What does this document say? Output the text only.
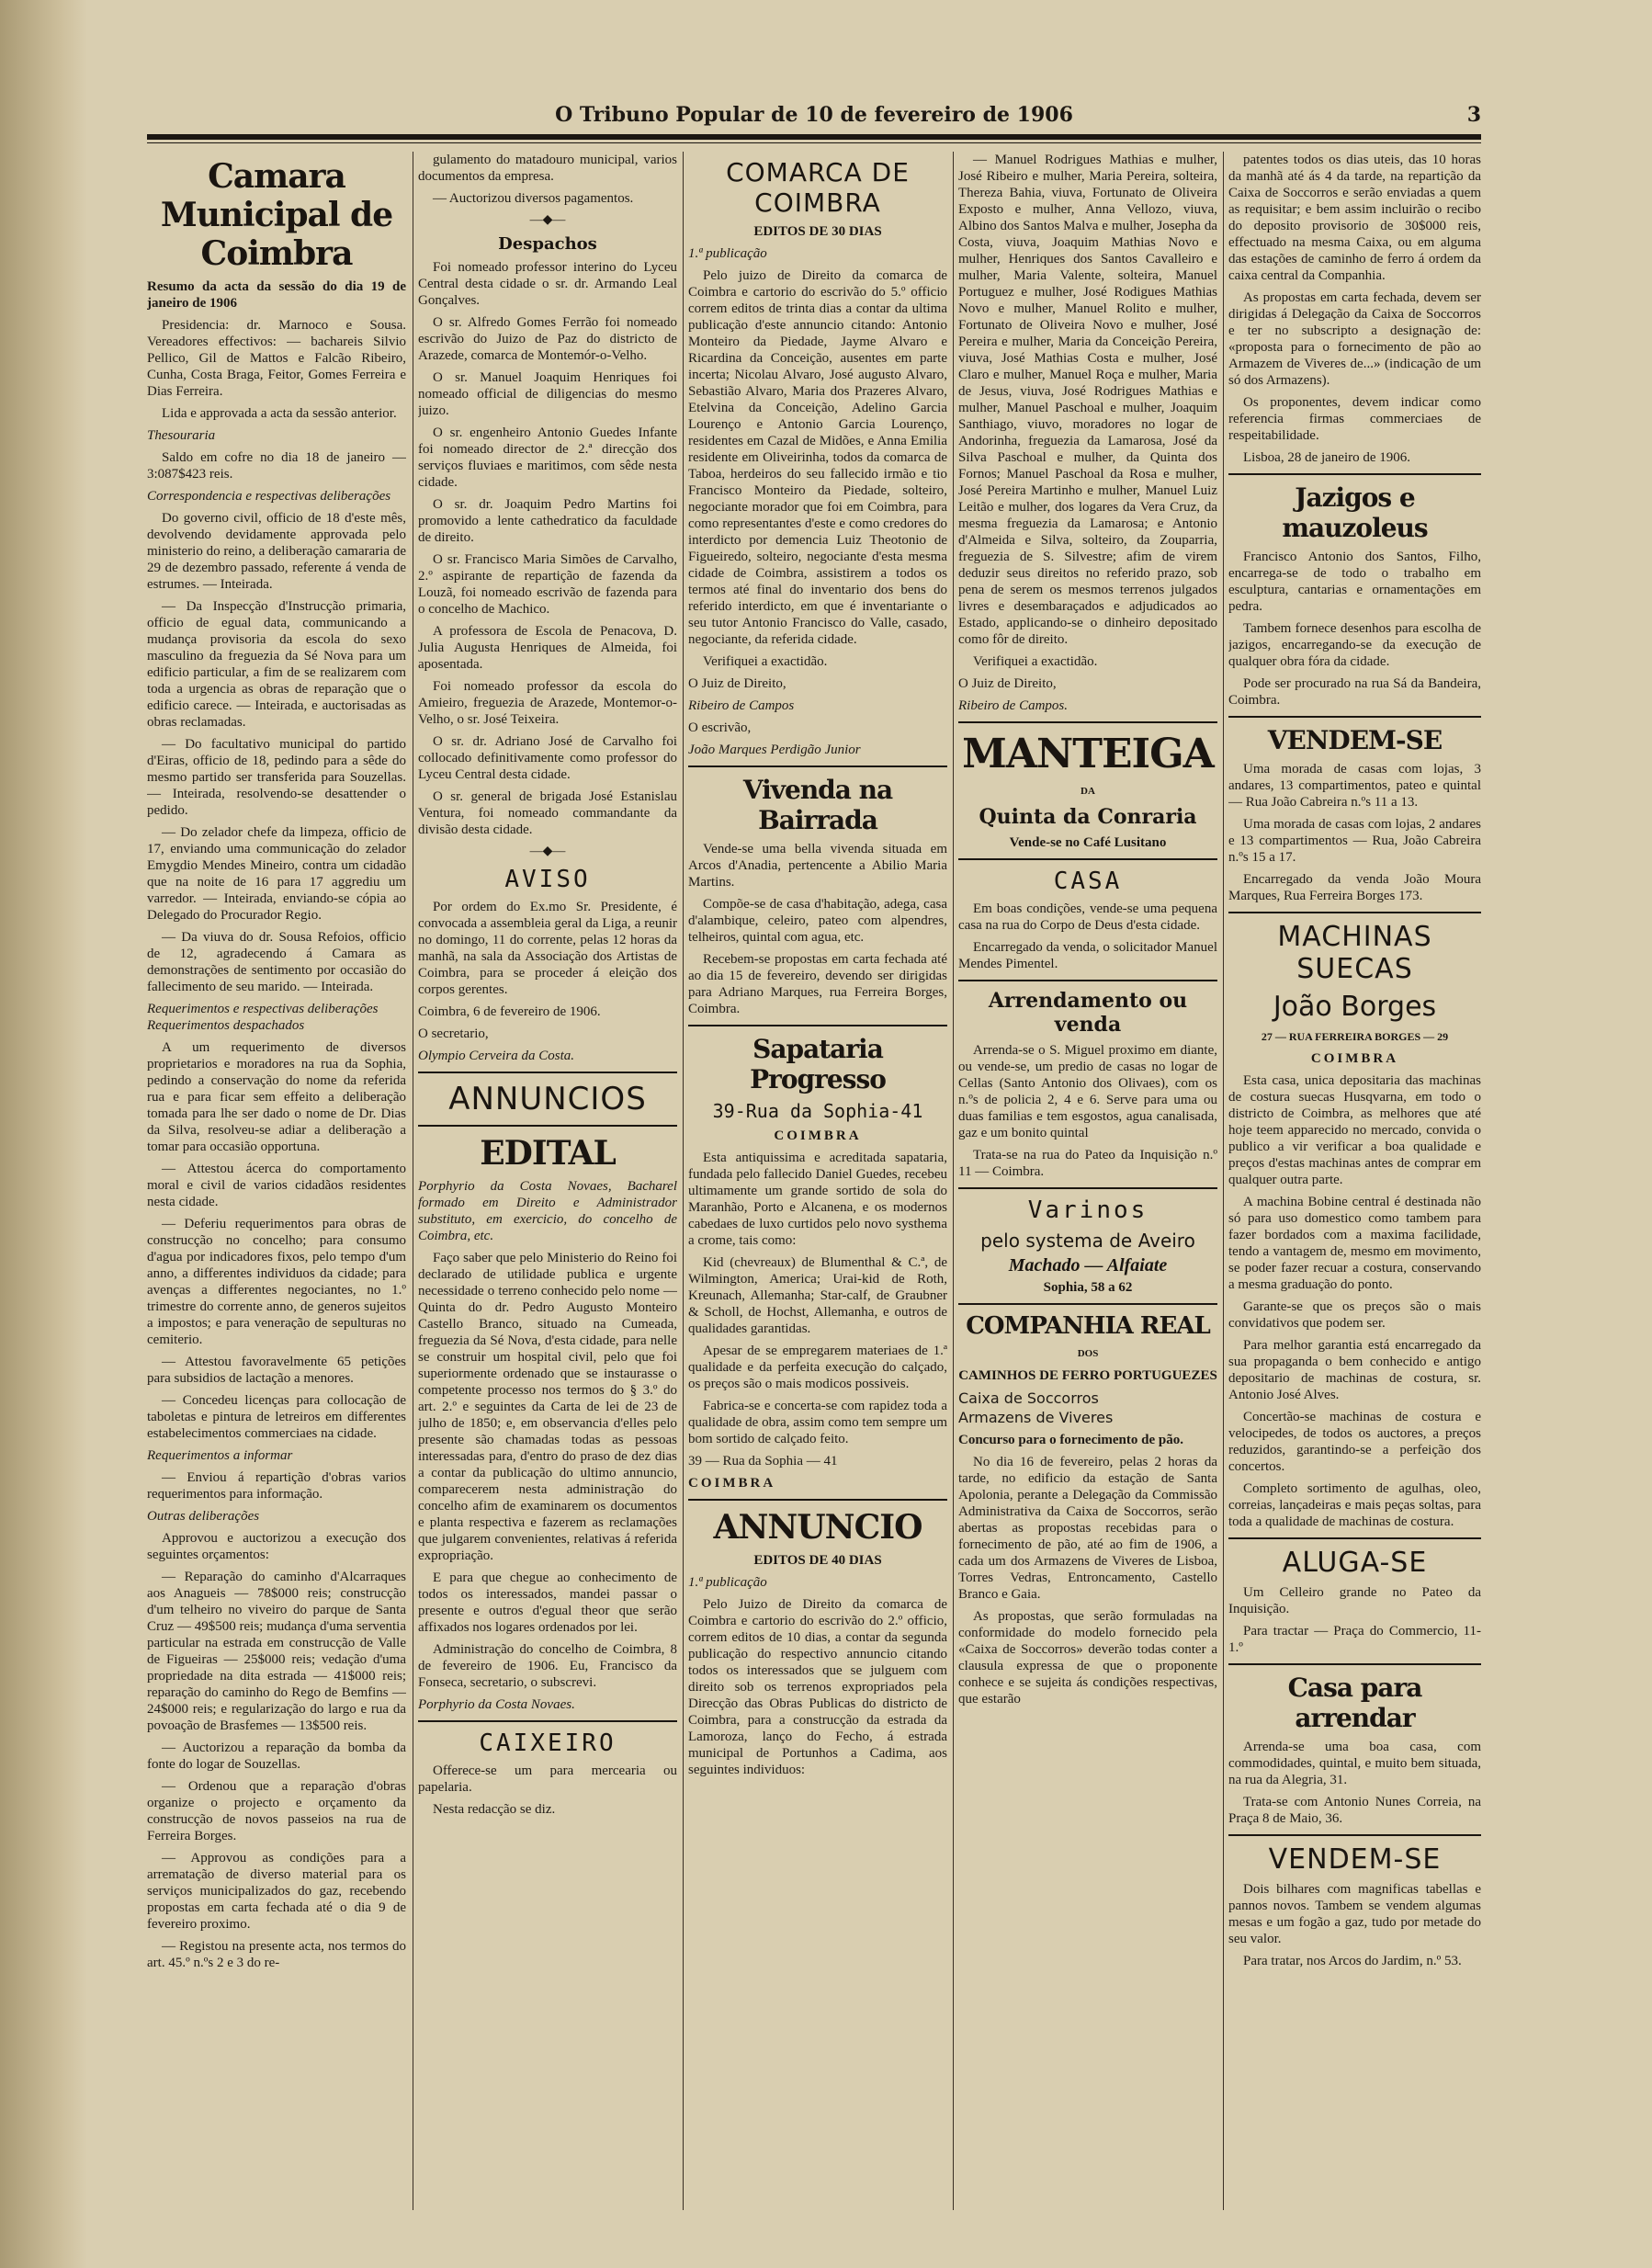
O Tribuno Popular de 10 de fevereiro de 1906	3
Camara Municipal de Coimbra

Resumo da acta da sessão do dia 19 de janeiro de 1906

Presidencia: dr. Marnoco e Sousa. Vereadores effectivos: — bachareis Silvio Pellico, Gil de Mattos e Falcão Ribeiro, Cunha, Costa Braga, Feitor, Gomes Ferreira e Dias Ferreira.

Lida e approvada a acta da sessão anterior.

Thesouraria

Saldo em cofre no dia 18 de janeiro — 3:087$423 reis.

Correspondencia e respectivas deliberações

Do governo civil, officio de 18 d'este mês, devolvendo devidamente approvada pelo ministerio do reino, a deliberação camararia de 29 de dezembro passado, referente á venda de estrumes. — Inteirada.

— Da Inspecção d'Instrucção primaria, officio de egual data, communicando a mudança provisoria da escola do sexo masculino da freguezia da Sé Nova para um edificio particular, a fim de se realizarem com toda a urgencia as obras de reparação que o edificio carece. — Inteirada, e auctorisadas as obras reclamadas.

— Do facultativo municipal do partido d'Eiras, officio de 18, pedindo para a sêde do mesmo partido ser transferida para Souzellas. — Inteirada, resolvendo-se desattender o pedido.

— Do zelador chefe da limpeza, officio de 17, enviando uma communicação do zelador Emygdio Mendes Mineiro, contra um cidadão que na noite de 16 para 17 aggrediu um varredor. — Inteirada, enviando-se cópia ao Delegado do Procurador Regio.

— Da viuva do dr. Sousa Refoios, officio de 12, agradecendo á Camara as demonstrações de sentimento por occasião do fallecimento de seu marido. — Inteirada.

Requerimentos e respectivas deliberações

Requerimentos despachados

A um requerimento de diversos proprietarios e moradores na rua da Sophia, pedindo a conservação do nome da referida rua e para ficar sem effeito a deliberação tomada para lhe ser dado o nome de Dr. Dias da Silva, resolveu-se adiar a deliberação a tomar para occasião opportuna.

— Attestou ácerca do comportamento moral e civil de varios cidadãos residentes nesta cidade.

— Deferiu requerimentos para obras de construcção no concelho; para consumo d'agua por indicadores fixos, pelo tempo d'um anno, a differentes individuos da cidade; para avenças a differentes negociantes, no 1.º trimestre do corrente anno, de generos sujeitos a impostos; e para veneração de sepulturas no cemiterio.

— Attestou favoravelmente 65 petições para subsidios de lactação a menores.

— Concedeu licenças para collocação de taboletas e pintura de letreiros em differentes estabelecimentos commerciaes na cidade.

Requerimentos a informar

— Enviou á repartição d'obras varios requerimentos para informação.

Outras deliberações

Approvou e auctorizou a execução dos seguintes orçamentos:

— Reparação do caminho d'Alcarraques aos Anagueis — 78$000 reis; construcção d'um telheiro no viveiro do parque de Santa Cruz — 49$500 reis; mudança d'uma serventia particular na estrada em construcção de Valle de Figueiras — 25$000 reis; vedação d'uma propriedade na dita estrada — 41$000 reis; reparação do caminho do Rego de Bemfins — 24$000 reis; e regularização do largo e rua da povoação de Brasfemes — 13$500 reis.

— Auctorizou a reparação da bomba da fonte do logar de Souzellas.

— Ordenou que a reparação d'obras organize o projecto e orçamento da construcção de novos passeios na rua de Ferreira Borges.

— Approvou as condições para a arrematação de diverso material para os serviços municipalizados do gaz, recebendo propostas em carta fechada até o dia 9 de fevereiro proximo.

— Registou na presente acta, nos termos do art. 45.º n.ºs 2 e 3 do re-

gulamento do matadouro municipal, varios documentos da empresa.

— Auctorizou diversos pagamentos.

—◆—
Despachos

Foi nomeado professor interino do Lyceu Central desta cidade o sr. dr. Armando Leal Gonçalves.

O sr. Alfredo Gomes Ferrão foi nomeado escrivão do Juizo de Paz do districto de Arazede, comarca de Montemór-o-Velho.

O sr. Manuel Joaquim Henriques foi nomeado official de diligencias do mesmo juizo.

O sr. engenheiro Antonio Guedes Infante foi nomeado director de 2.ª direcção dos serviços fluviaes e maritimos, com sêde nesta cidade.

O sr. dr. Joaquim Pedro Martins foi promovido a lente cathedratico da faculdade de direito.

O sr. Francisco Maria Simões de Carvalho, 2.º aspirante de repartição de fazenda da Louzã, foi nomeado escrivão de fazenda para o concelho de Machico.

A professora de Escola de Penacova, D. Julia Augusta Henriques de Almeida, foi aposentada.

Foi nomeado professor da escola do Amieiro, freguezia de Arazede, Montemor-o-Velho, o sr. José Teixeira.

O sr. dr. Adriano José de Carvalho foi collocado definitivamente como professor do Lyceu Central desta cidade.

O sr. general de brigada José Estanislau Ventura, foi nomeado commandante da divisão desta cidade.

—◆—
AVISO

Por ordem do Ex.mo Sr. Presidente, é convocada a assembleia geral da Liga, a reunir no domingo, 11 do corrente, pelas 12 horas da manhã, na sala da Associação dos Artistas de Coimbra, para se proceder á eleição dos corpos gerentes.

Coimbra, 6 de fevereiro de 1906.

O secretario,

Olympio Cerveira da Costa.

ANNUNCIOS
EDITAL

Porphyrio da Costa Novaes, Bacharel formado em Direito e Administrador substituto, em exercicio, do concelho de Coimbra, etc.

Faço saber que pelo Ministerio do Reino foi declarado de utilidade publica e urgente necessidade o terreno conhecido pelo nome — Quinta do dr. Pedro Augusto Monteiro Castello Branco, situado na Cumeada, freguezia da Sé Nova, d'esta cidade, para nelle se construir um hospital civil, pelo que foi superiormente ordenado que se instaurasse o competente processo nos termos do § 3.º do art. 2.º e seguintes da Carta de lei de 23 de julho de 1850; e, em observancia d'elles pelo presente são chamadas todas as pessoas interessadas para, d'entro do praso de dez dias a contar da publicação do ultimo annuncio, comparecerem nesta administração do concelho afim de examinarem os documentos e planta respectiva e fazerem as reclamações que julgarem convenientes, relativas á referida expropriação.

E para que chegue ao conhecimento de todos os interessados, mandei passar o presente e outros d'egual theor que serão affixados nos logares ordenados por lei.

Administração do concelho de Coimbra, 8 de fevereiro de 1906. Eu, Francisco da Fonseca, secretario, o subscrevi.

Porphyrio da Costa Novaes.

CAIXEIRO

Offerece-se um para mercearia ou papelaria.

Nesta redacção se diz.

COMARCA DE COIMBRA
EDITOS DE 30 DIAS

1.ª publicação

Pelo juizo de Direito da comarca de Coimbra e cartorio do escrivão do 5.º officio correm editos de trinta dias a contar da ultima publicação d'este annuncio citando: Antonio Monteiro da Piedade, Jayme Alvaro e Ricardina da Conceição, ausentes em parte incerta; Nicolau Alvaro, José augusto Alvaro, Sebastião Alvaro, Maria dos Prazeres Alvaro, Etelvina da Conceição, Adelino Garcia Lourenço e Antonio Garcia Lourenço, residentes em Cazal de Midões, e Anna Emilia residente em Oliveirinha, todos da comarca de Taboa, herdeiros do seu fallecido irmão e tio Francisco Monteiro da Piedade, solteiro, negociante morador que foi em Coimbra, para como representantes d'este e como credores do interdicto por demencia Luiz Theotonio de Figueiredo, solteiro, negociante d'esta mesma cidade de Coimbra, assistirem a todos os termos até final do inventario dos bens do referido interdicto, em que é inventariante o seu tutor Antonio Francisco do Valle, casado, negociante, da referida cidade.

Verifiquei a exactidão.

O Juiz de Direito,

Ribeiro de Campos

O escrivão,

João Marques Perdigão Junior

Vivenda na Bairrada

Vende-se uma bella vivenda situada em Arcos d'Anadia, pertencente a Abilio Maria Martins.

Compõe-se de casa d'habitação, adega, casa d'alambique, celeiro, pateo com alpendres, telheiros, quintal com agua, etc.

Recebem-se propostas em carta fechada até ao dia 15 de fevereiro, devendo ser dirigidas para Adriano Marques, rua Ferreira Borges, Coimbra.

Sapataria Progresso
39-Rua da Sophia-41
COIMBRA

Esta antiquissima e acreditada sapataria, fundada pelo fallecido Daniel Guedes, recebeu ultimamente um grande sortido de sola do Maranhão, Porto e Alcanena, e os modernos cabedaes de luxo curtidos pelo novo systhema a crome, tais como:

Kid (chevreaux) de Blumenthal & C.ª, de Wilmington, America; Urai-kid de Roth, Kreunach, Allemanha; Star-calf, de Graubner & Scholl, de Hochst, Allemanha, e outros de qualidades garantidas.

Apesar de se empregarem materiaes de 1.ª qualidade e da perfeita execução do calçado, os preços são o mais modicos possiveis.

Fabrica-se e concerta-se com rapidez toda a qualidade de obra, assim como tem sempre um bom sortido de calçado feito.

39 — Rua da Sophia — 41

COIMBRA

ANNUNCIO
EDITOS DE 40 DIAS

1.ª publicação

Pelo Juizo de Direito da comarca de Coimbra e cartorio do escrivão do 2.º officio, correm editos de 10 dias, a contar da segunda publicação do respectivo annuncio citando todos os interessados que se julguem com direito sob os terrenos expropriados pela Direcção das Obras Publicas do districto de Coimbra, para a construcção da estrada da Lamoroza, lanço do Fecho, á estrada municipal de Portunhos a Cadima, aos seguintes individuos:

— Manuel Rodrigues Mathias e mulher, José Ribeiro e mulher, Maria Pereira, solteira, Thereza Bahia, viuva, Fortunato de Oliveira Exposto e mulher, Anna Vellozo, viuva, Albino dos Santos Malva e mulher, Josepha da Costa, viuva, Joaquim Mathias Novo e mulher, Henriques dos Santos Cavalleiro e mulher, Maria Valente, solteira, Manuel Portuguez e mulher, José Rodigues Mathias Novo e mulher, Manuel Rolito e mulher, Fortunato de Oliveira Novo e mulher, José Pereira e mulher, Maria da Conceição Pereira, viuva, José Mathias Costa e mulher, José Claro e mulher, Manuel Roça e mulher, Maria de Jesus, viuva, José Rodrigues Mathias e mulher, Manuel Paschoal e mulher, Joaquim Santhiago, viuvo, moradores no logar de Andorinha, freguezia da Lamarosa, José da Silva Paschoal e mulher, da Quinta dos Fornos; Manuel Paschoal da Rosa e mulher, José Pereira Martinho e mulher, Manuel Luiz Leitão e mulher, dos logares da Vera Cruz, da mesma freguezia da Lamarosa; e Antonio d'Almeida e Silva, solteiro, da Zouparria, freguezia de S. Silvestre; afim de virem deduzir seus direitos no referido prazo, sob pena de serem os mesmos terrenos julgados livres e desembaraçados e adjudicados ao Estado, applicando-se o dinheiro depositado como fôr de direito.

Verifiquei a exactidão.

O Juiz de Direito,

Ribeiro de Campos.

MANTEIGA
DA
Quinta da Conraria
Vende-se no Café Lusitano
CASA

Em boas condições, vende-se uma pequena casa na rua do Corpo de Deus d'esta cidade.

Encarregado da venda, o solicitador Manuel Mendes Pimentel.

Arrendamento ou venda

Arrenda-se o S. Miguel proximo em diante, ou vende-se, um predio de casas no logar de Cellas (Santo Antonio dos Olivaes), com os n.ºs de policia 2, 4 e 6. Serve para uma ou duas familias e tem esgostos, agua canalisada, gaz e um bonito quintal

Trata-se na rua do Pateo da Inquisição n.º 11 — Coimbra.

Varinos
pelo systema de Aveiro
Machado — Alfaiate
Sophia, 58 a 62
COMPANHIA REAL
DOS
CAMINHOS DE FERRO PORTUGUEZES

Caixa de Soccorros

Armazens de Viveres

Concurso para o fornecimento de pão.

No dia 16 de fevereiro, pelas 2 horas da tarde, no edificio da estação de Santa Apolonia, perante a Delegação da Commissão Administrativa da Caixa de Soccorros, serão abertas as propostas recebidas para o fornecimento de pão, até ao fim de 1906, a cada um dos Armazens de Viveres de Lisboa, Torres Vedras, Entroncamento, Castello Branco e Gaia.

As propostas, que serão formuladas na conformidade do modelo fornecido pela «Caixa de Soccorros» deverão todas conter a clausula expressa de que o proponente conhece e se sujeita ás condições respectivas, que estarão

patentes todos os dias uteis, das 10 horas da manhã até ás 4 da tarde, na repartição da Caixa de Soccorros e serão enviadas a quem as requisitar; e bem assim incluirão o recibo do deposito provisorio de 30$000 reis, effectuado na mesma Caixa, ou em alguma das estações de caminho de ferro á ordem da caixa central da Companhia.

As propostas em carta fechada, devem ser dirigidas á Delegação da Caixa de Soccorros e ter no subscripto a designação de: «proposta para o fornecimento de pão ao Armazem de Viveres de...» (indicação de um só dos Armazens).

Os proponentes, devem indicar como referencia firmas commerciaes de respeitabilidade.

Lisboa, 28 de janeiro de 1906.

Jazigos e mauzoleus

Francisco Antonio dos Santos, Filho, encarrega-se de todo o trabalho em esculptura, cantarias e ornamentações em pedra.

Tambem fornece desenhos para escolha de jazigos, encarregando-se da execução de qualquer obra fóra da cidade.

Pode ser procurado na rua Sá da Bandeira, Coimbra.

VENDEM-SE

Uma morada de casas com lojas, 3 andares, 13 compartimentos, pateo e quintal — Rua João Cabreira n.ºs 11 a 13.

Uma morada de casas com lojas, 2 andares e 13 compartimentos — Rua, João Cabreira n.ºs 15 a 17.

Encarregado da venda João Moura Marques, Rua Ferreira Borges 173.

MACHINAS SUECAS
João Borges
27 — RUA FERREIRA BORGES — 29
COIMBRA

Esta casa, unica depositaria das machinas de costura suecas Husqvarna, em todo o districto de Coimbra, as melhores que até hoje teem apparecido no mercado, convida o publico a vir verificar a boa qualidade e preços d'estas machinas antes de comprar em qualquer outra parte.

A machina Bobine central é destinada não só para uso domestico como tambem para fazer bordados com a maxima facilidade, tendo a vantagem de, mesmo em movimento, se poder fazer recuar a costura, conservando a mesma graduação do ponto.

Garante-se que os preços são o mais convidativos que podem ser.

Para melhor garantia está encarregado da sua propaganda o bem conhecido e antigo depositario de machinas de costura, sr. Antonio José Alves.

Concertão-se machinas de costura e velocipedes, de todos os auctores, a preços reduzidos, garantindo-se a perfeição dos concertos.

Completo sortimento de agulhas, oleo, correias, lançadeiras e mais peças soltas, para toda a qualidade de machinas de costura.

ALUGA-SE

Um Celleiro grande no Pateo da Inquisição.

Para tractar — Praça do Commercio, 11-1.º

Casa para arrendar

Arrenda-se uma boa casa, com commodidades, quintal, e muito bem situada, na rua da Alegria, 31.

Trata-se com Antonio Nunes Correia, na Praça 8 de Maio, 36.

VENDEM-SE

Dois bilhares com magnificas tabellas e pannos novos. Tambem se vendem algumas mesas e um fogão a gaz, tudo por metade do seu valor.

Para tratar, nos Arcos do Jardim, n.º 53.
